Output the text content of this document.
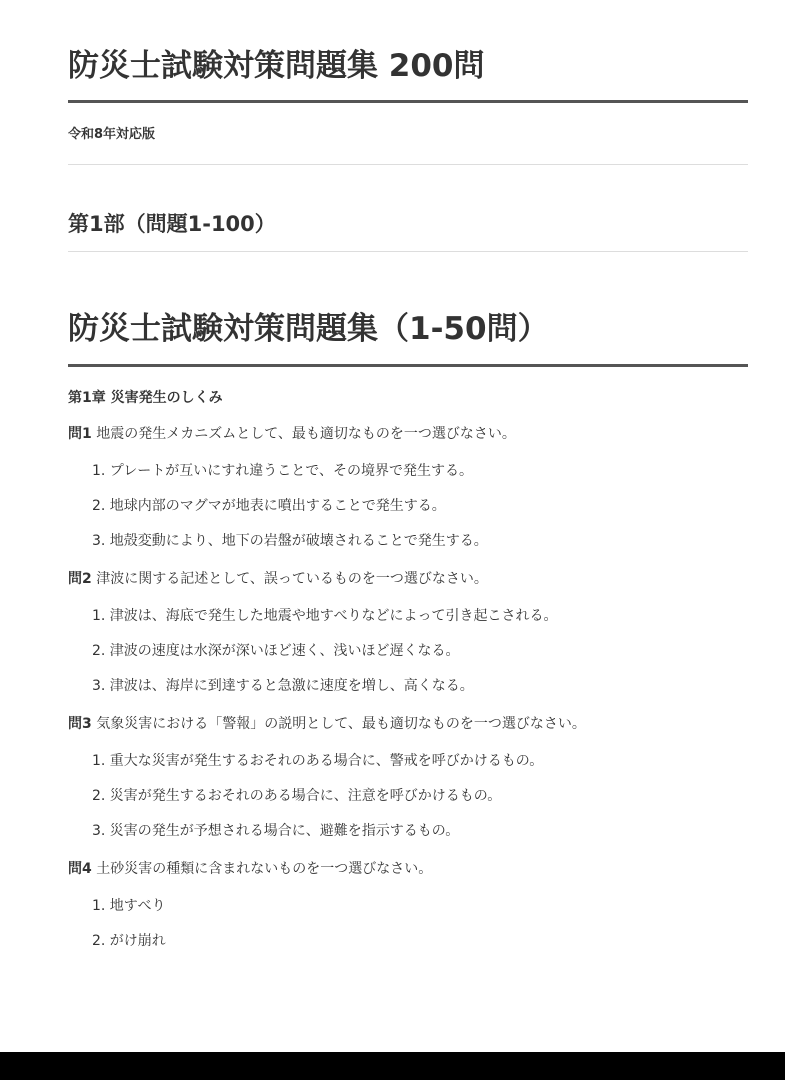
防災士試験対策問題集 200問
令和8年対応版
第1部（問題1-100）
防災士試験対策問題集（1-50問）
第1章 災害発生のしくみ
問1 地震の発生メカニズムとして、最も適切なものを一つ選びなさい。
1. プレートが互いにすれ違うことで、その境界で発生する。
2. 地球内部のマグマが地表に噴出することで発生する。
3. 地殻変動により、地下の岩盤が破壊されることで発生する。
問2 津波に関する記述として、誤っているものを一つ選びなさい。
1. 津波は、海底で発生した地震や地すべりなどによって引き起こされる。
2. 津波の速度は水深が深いほど速く、浅いほど遅くなる。
3. 津波は、海岸に到達すると急激に速度を増し、高くなる。
問3 気象災害における「警報」の説明として、最も適切なものを一つ選びなさい。
1. 重大な災害が発生するおそれのある場合に、警戒を呼びかけるもの。
2. 災害が発生するおそれのある場合に、注意を呼びかけるもの。
3. 災害の発生が予想される場合に、避難を指示するもの。
問4 土砂災害の種類に含まれないものを一つ選びなさい。
1. 地すべり
2. がけ崩れ
